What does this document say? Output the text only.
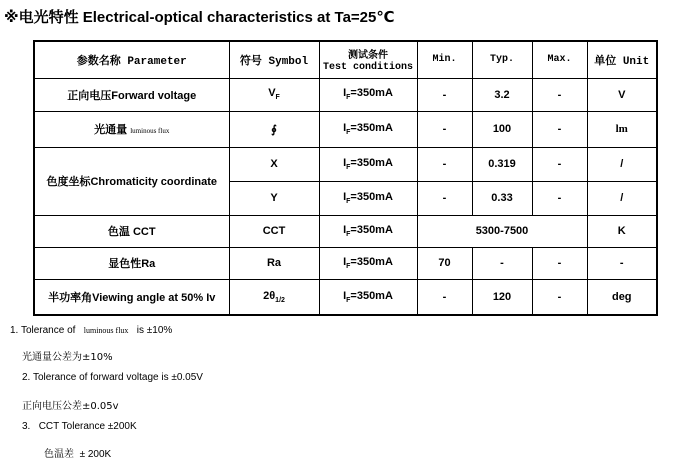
※电光特性 Electrical-optical characteristics at Ta=25℃
参数名称 Parameter	符号 Symbol	测试条件
Test conditions	Min.	Typ.	Max.	单位 Unit
正向电压Forward voltage	$V_F$	$I_F=350mA$	-	3.2	-	V
光通量 luminous flux	∮	$I_F=350mA$	-	100	-	lm
色度坐标Chromaticity coordinate	X	$I_F=350mA$	-	0.319	-	/
	Y	$I_F=350mA$	-	0.33	-	/
色温 CCT	CCT	$I_F=350mA$	5300-7500			K
显色性Ra	Ra	$I_F=350mA$	70	-	-	-
半功率角Viewing angle at 50% Iv	$2\theta_{1/2}$	$I_F=350mA$	-	120	-	deg
1. Tolerance of luminous flux is ±10%
光通量公差为±10%
2. Tolerance of forward voltage is ±0.05V
正向电压公差±0.05v
3. CCT Tolerance ±200K
色温差 ± 200K
